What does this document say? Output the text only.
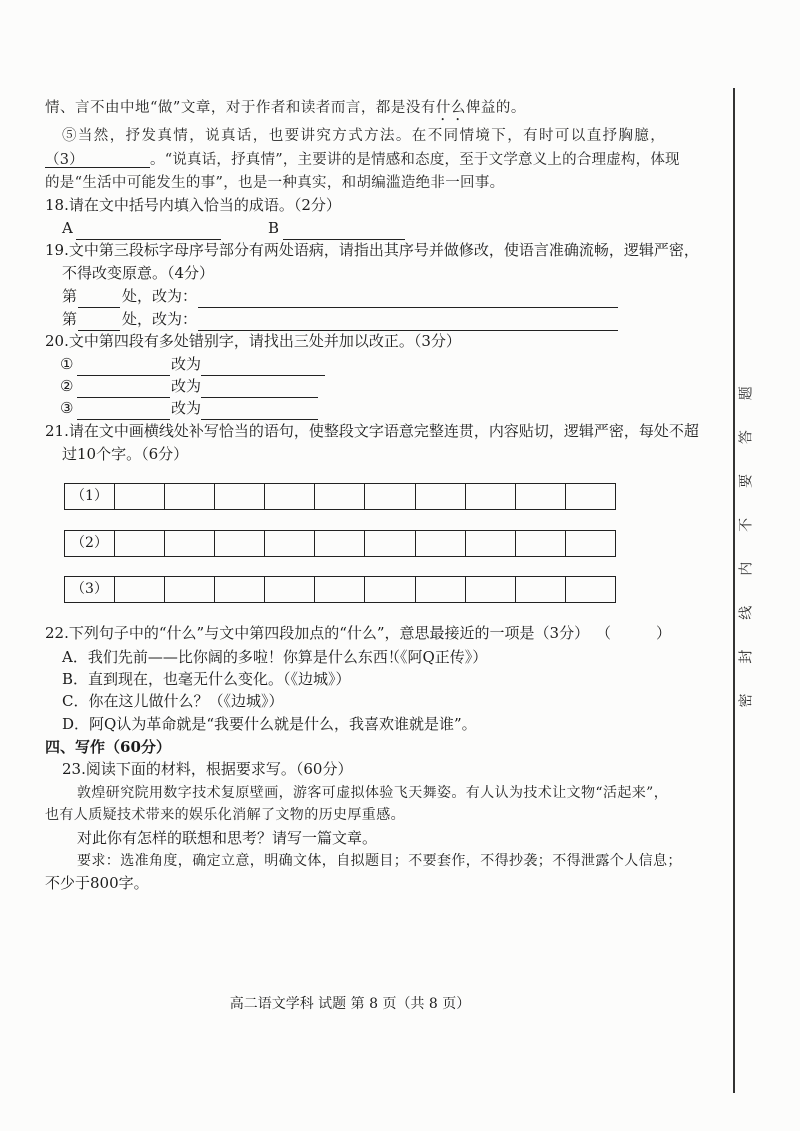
情、言不由中地“做”文章，对于作者和读者而言，都是没有什么俾益的。
⑤当然，抒发真情，说真话，也要讲究方式方法。在不同情境下，有时可以直抒胸臆，
（3）	。“说真话，抒真情”，主要讲的是情感和态度，至于文学意义上的合理虚构，体现
的是“生活中可能发生的事”，也是一种真实，和胡编滥造绝非一回事。
18.请在文中括号内填入恰当的成语。（2分）
A	B
19.文中第三段标字母序号部分有两处语病，请指出其序号并做修改，使语言准确流畅，逻辑严密，
不得改变原意。（4分）
第	处，改为：
第	处，改为：
20.文中第四段有多处错别字，请找出三处并加以改正。（3分）
①	改为
②	改为
③	改为
21.请在文中画横线处补写恰当的语句，使整段文字语意完整连贯，内容贴切，逻辑严密，每处不超
过10个字。（6分）
（1）
（2）
（3）
22.下列句子中的“什么”与文中第四段加点的“什么”，意思最接近的一项是（3分） （　　　）
A．我们先前——比你阔的多啦！你算是什么东西！
（《阿Q正传》）
B．直到现在，也毫无什么变化。（《边城》）
C．你在这儿做什么？（《边城》）
D．阿Q认为革命就是“我要什么就是什么，我喜欢谁就是谁”。
四、写作（60分）
23.阅读下面的材料，根据要求写。（60分）
敦煌研究院用数字技术复原壁画，游客可虚拟体验飞天舞姿。有人认为技术让文物“活起来”，
也有人质疑技术带来的娱乐化消解了文物的历史厚重感。
对此你有怎样的联想和思考？请写一篇文章。
要求：选准角度，确定立意，明确文体，自拟题目；不要套作，不得抄袭；不得泄露个人信息；
不少于800字。
高二语文学科 试题 第 8 页（共 8 页）
密封线内不要答题
